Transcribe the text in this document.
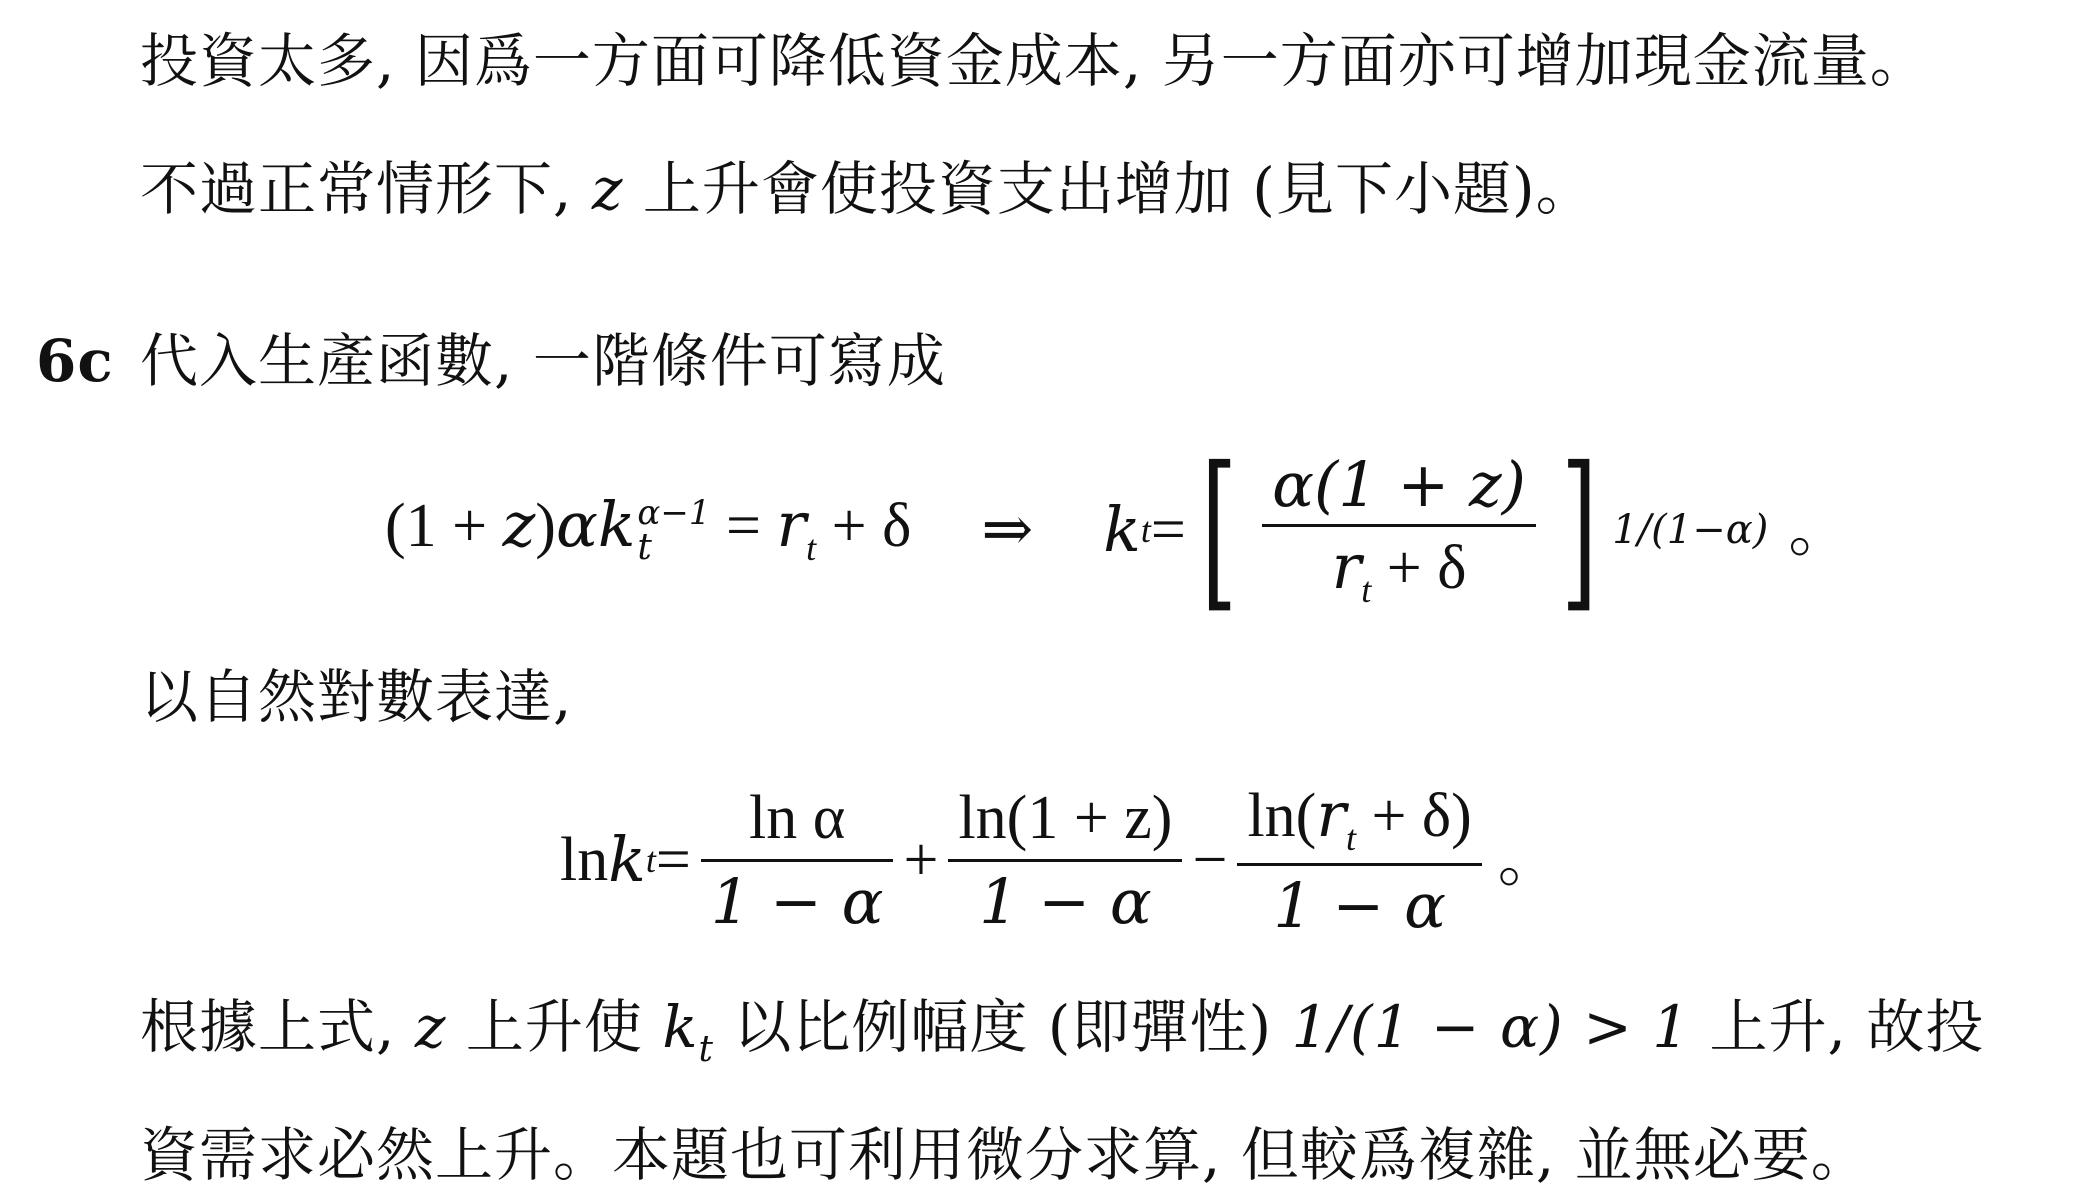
投資太多, 因爲一方面可降低資金成本, 另一方面亦可增加現金流量。
不過正常情形下, z 上升會使投資支出增加 (見下小題)。
6c 代入生產函數, 一階條件可寫成
(1 + z)αk α−1
$t = r_t + \delta$ ⇒ k t = [ $\frac{\alpha(1 + z)}{r_t + \delta}$ ] 1/(1−α) 。
以自然對數表達,
ln k $t = \frac{\text{ln α}}{1 - \alpha} + \frac{\ln(1 + z)}{1 - \alpha} - \frac{\ln(r_t + \delta)}{1 - \alpha}$ 。
根據上式, z 上升使 $k_t$ 以比例幅度 (即彈性) 1/(1 − α) > 1 上升, 故投
資需求必然上升。本題也可利用微分求算, 但較爲複雜, 並無必要。
